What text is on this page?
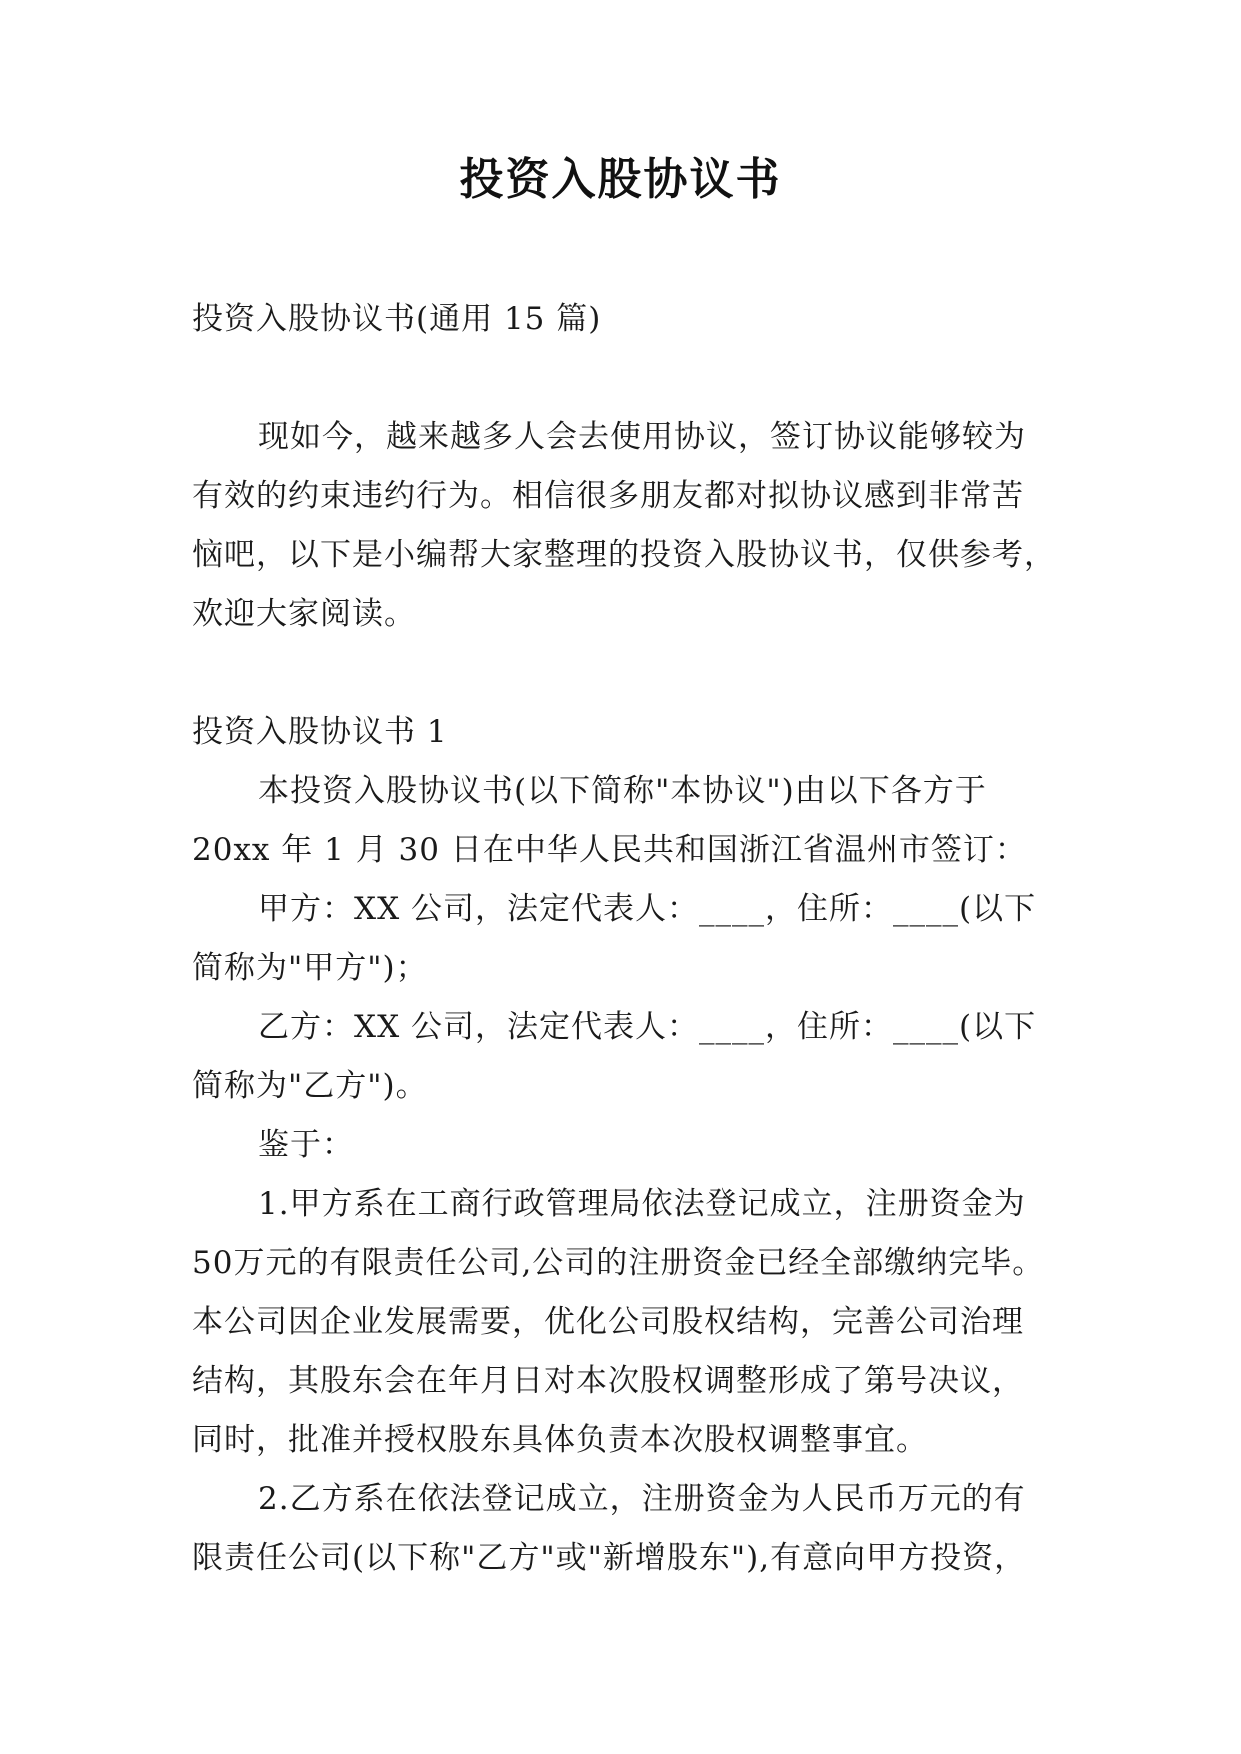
投资入股协议书
投资入股协议书(通用 15 篇)
现如今，越来越多人会去使用协议，签订协议能够较为
有效的约束违约行为。相信很多朋友都对拟协议感到非常苦
恼吧，以下是小编帮大家整理的投资入股协议书，仅供参考，
欢迎大家阅读。
投资入股协议书 1
本投资入股协议书(以下简称"本协议")由以下各方于
20xx 年 1 月 30 日在中华人民共和国浙江省温州市签订：
甲方：XX 公司，法定代表人：____，住所：____(以下
简称为"甲方")；
乙方：XX 公司，法定代表人：____，住所：____(以下
简称为"乙方")。
鉴于：
1.甲方系在工商行政管理局依法登记成立，注册资金为
50万元的有限责任公司,公司的注册资金已经全部缴纳完毕。
本公司因企业发展需要，优化公司股权结构，完善公司治理
结构，其股东会在年月日对本次股权调整形成了第号决议，
同时，批准并授权股东具体负责本次股权调整事宜。
2.乙方系在依法登记成立，注册资金为人民币万元的有
限责任公司(以下称"乙方"或"新增股东"),有意向甲方投资，
